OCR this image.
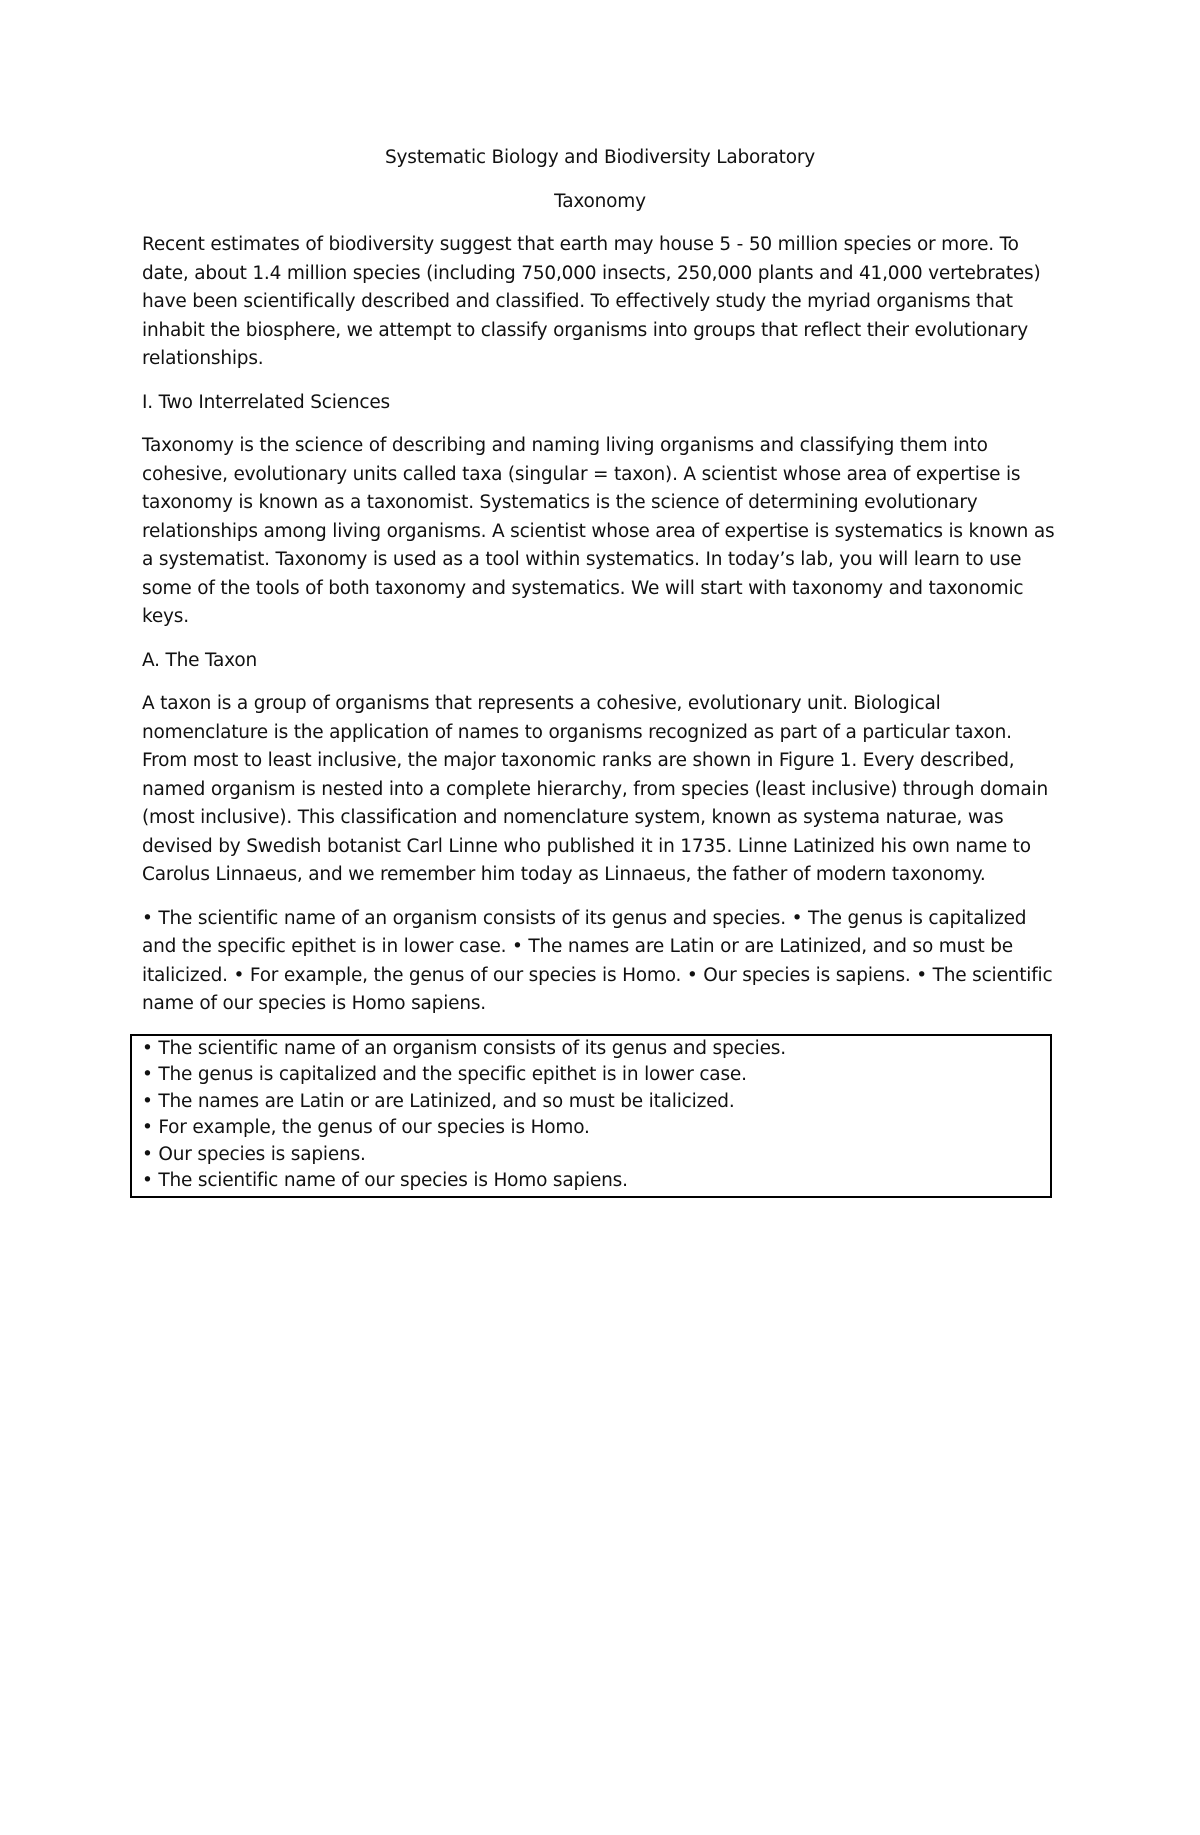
Systematic Biology and Biodiversity Laboratory
Taxonomy

Recent estimates of biodiversity suggest that earth may house 5 - 50 million species or more. To date, about 1.4 million species (including 750,000 insects, 250,000 plants and 41,000 vertebrates) have been scientifically described and classified. To effectively study the myriad organisms that inhabit the biosphere, we attempt to classify organisms into groups that reflect their evolutionary relationships.

I. Two Interrelated Sciences

Taxonomy is the science of describing and naming living organisms and classifying them into cohesive, evolutionary units called taxa (singular = taxon). A scientist whose area of expertise is taxonomy is known as a taxonomist. Systematics is the science of determining evolutionary relationships among living organisms. A scientist whose area of expertise is systematics is known as a systematist. Taxonomy is used as a tool within systematics. In today’s lab, you will learn to use some of the tools of both taxonomy and systematics. We will start with taxonomy and taxonomic keys.

A. The Taxon

A taxon is a group of organisms that represents a cohesive, evolutionary unit. Biological nomenclature is the application of names to organisms recognized as part of a particular taxon. From most to least inclusive, the major taxonomic ranks are shown in Figure 1. Every described, named organism is nested into a complete hierarchy, from species (least inclusive) through domain (most inclusive). This classification and nomenclature system, known as systema naturae, was devised by Swedish botanist Carl Linne who published it in 1735. Linne Latinized his own name to Carolus Linnaeus, and we remember him today as Linnaeus, the father of modern taxonomy.

• The scientific name of an organism consists of its genus and species. • The genus is capitalized and the specific epithet is in lower case. • The names are Latin or are Latinized, and so must be italicized. • For example, the genus of our species is Homo. • Our species is sapiens. • The scientific name of our species is Homo sapiens.

• The scientific name of an organism consists of its genus and species.
• The genus is capitalized and the specific epithet is in lower case.
• The names are Latin or are Latinized, and so must be italicized.
• For example, the genus of our species is Homo.
• Our species is sapiens.
• The scientific name of our species is Homo sapiens.
